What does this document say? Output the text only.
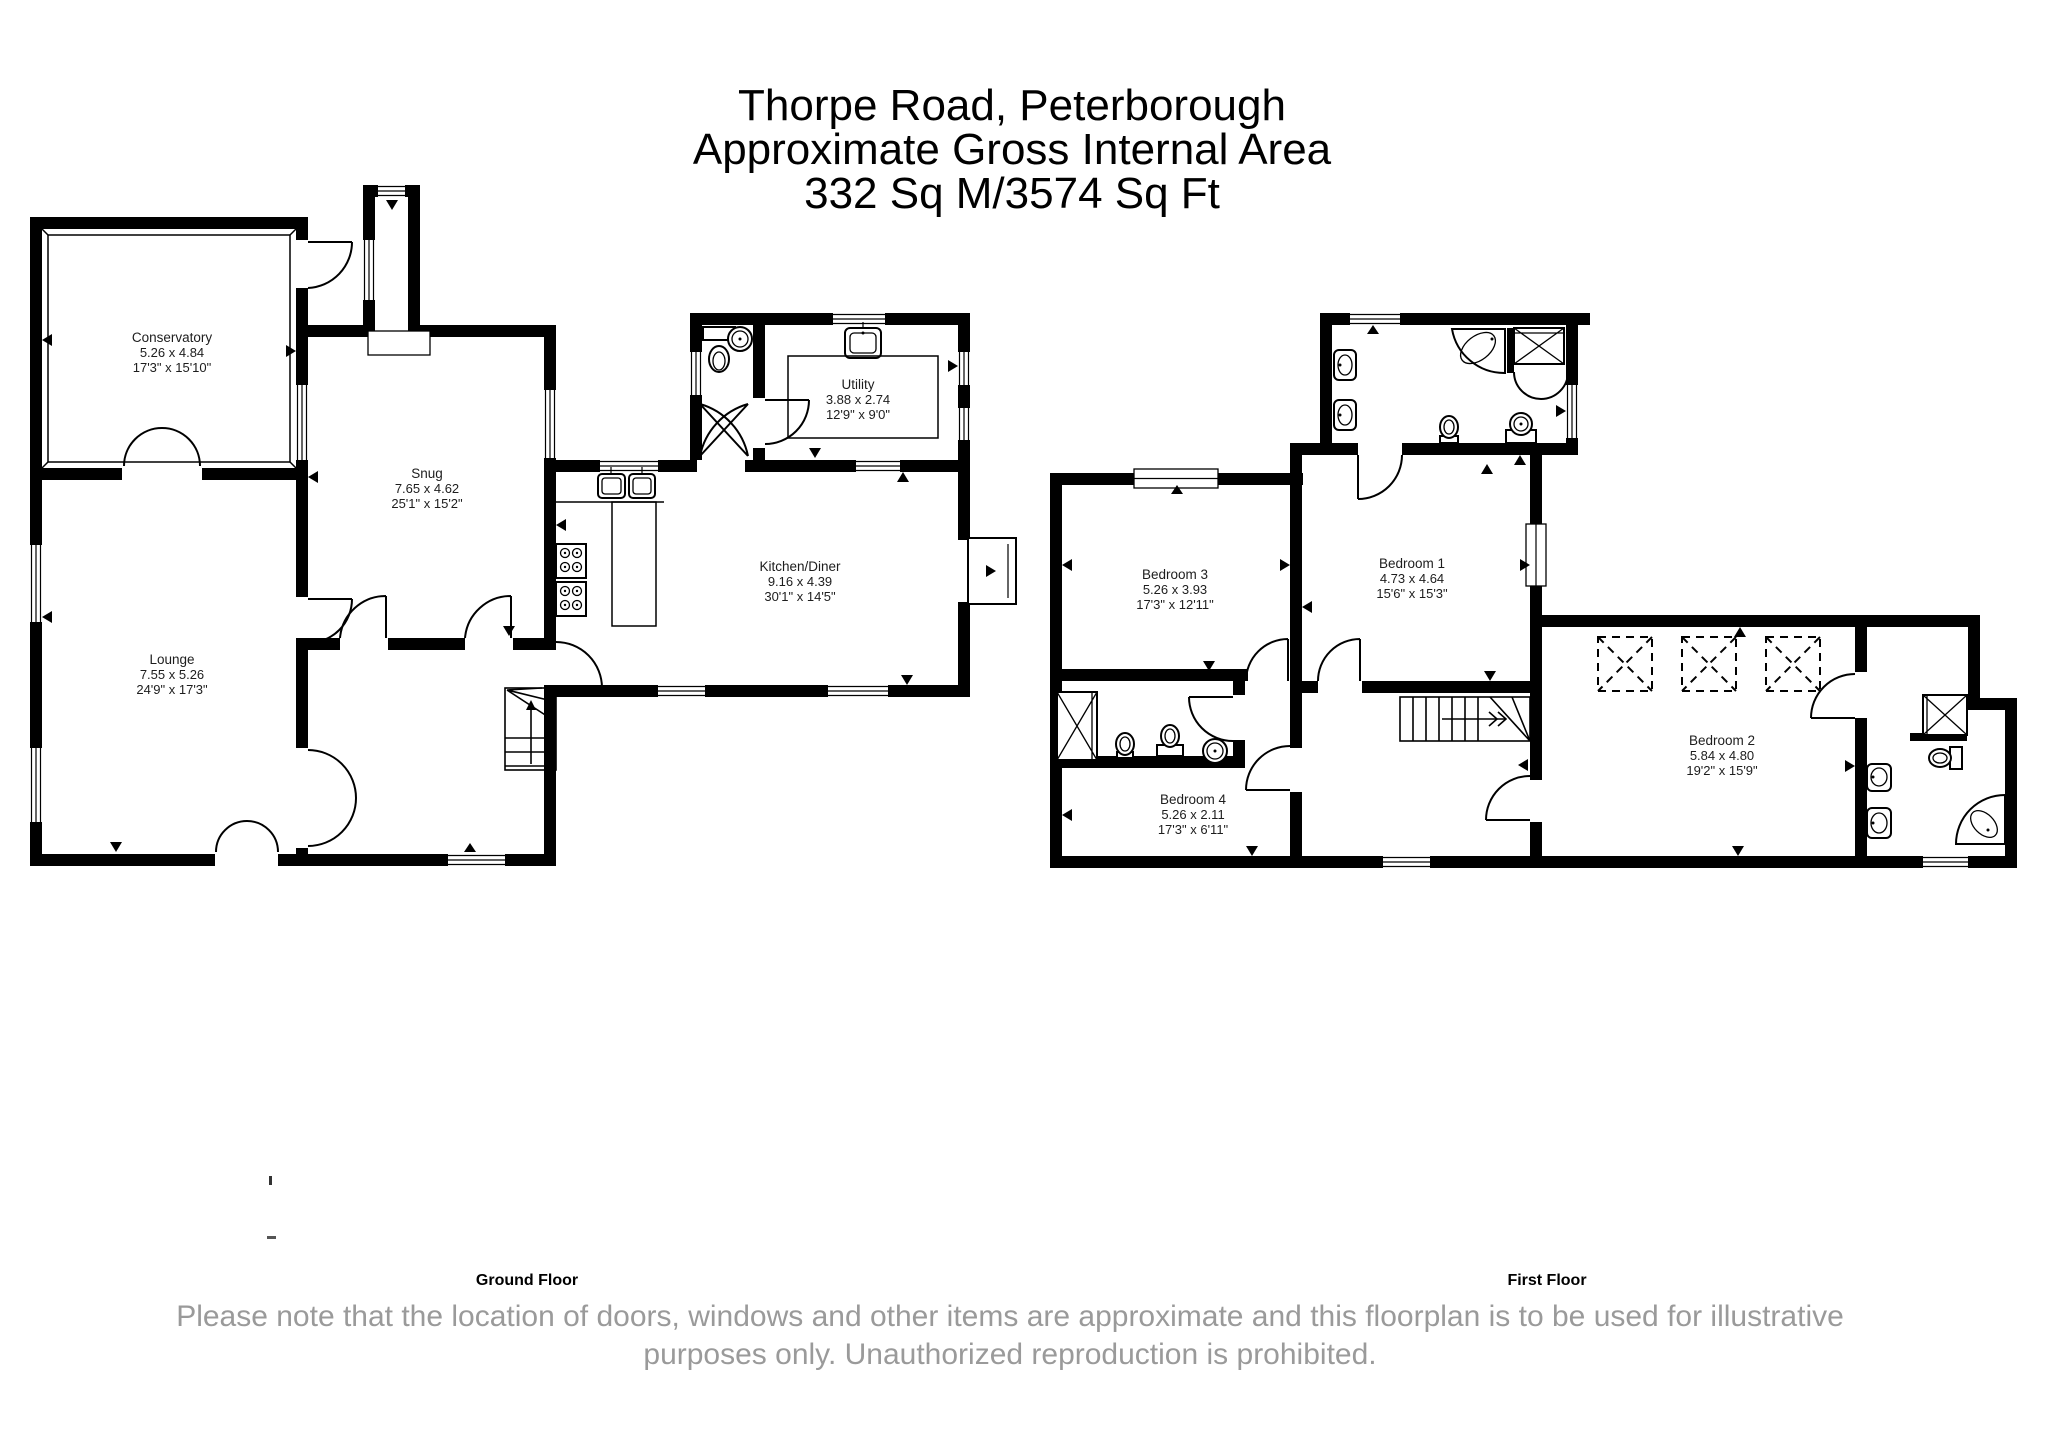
Thorpe Road, Peterborough
Approximate Gross Internal Area
332 Sq M/3574 Sq Ft
Conservatory
5.26 x 4.84
17'3" x 15'10"
Snug
7.65 x 4.62
25'1" x 15'2"
Lounge
7.55 x 5.26
24'9" x 17'3"
Utility
3.88 x 2.74
12'9" x 9'0"
Kitchen/Diner
9.16 x 4.39
30'1" x 14'5"
Bedroom 3
5.26 x 3.93
17'3" x 12'11"
Bedroom 1
4.73 x 4.64
15'6" x 15'3"
Bedroom 4
5.26 x 2.11
17'3" x 6'11"
Bedroom 2
5.84 x 4.80
19'2" x 15'9"
Ground Floor	First Floor
Please note that the location of doors, windows and other items are approximate and this floorplan is to be used for illustrative
purposes only. Unauthorized reproduction is prohibited.
